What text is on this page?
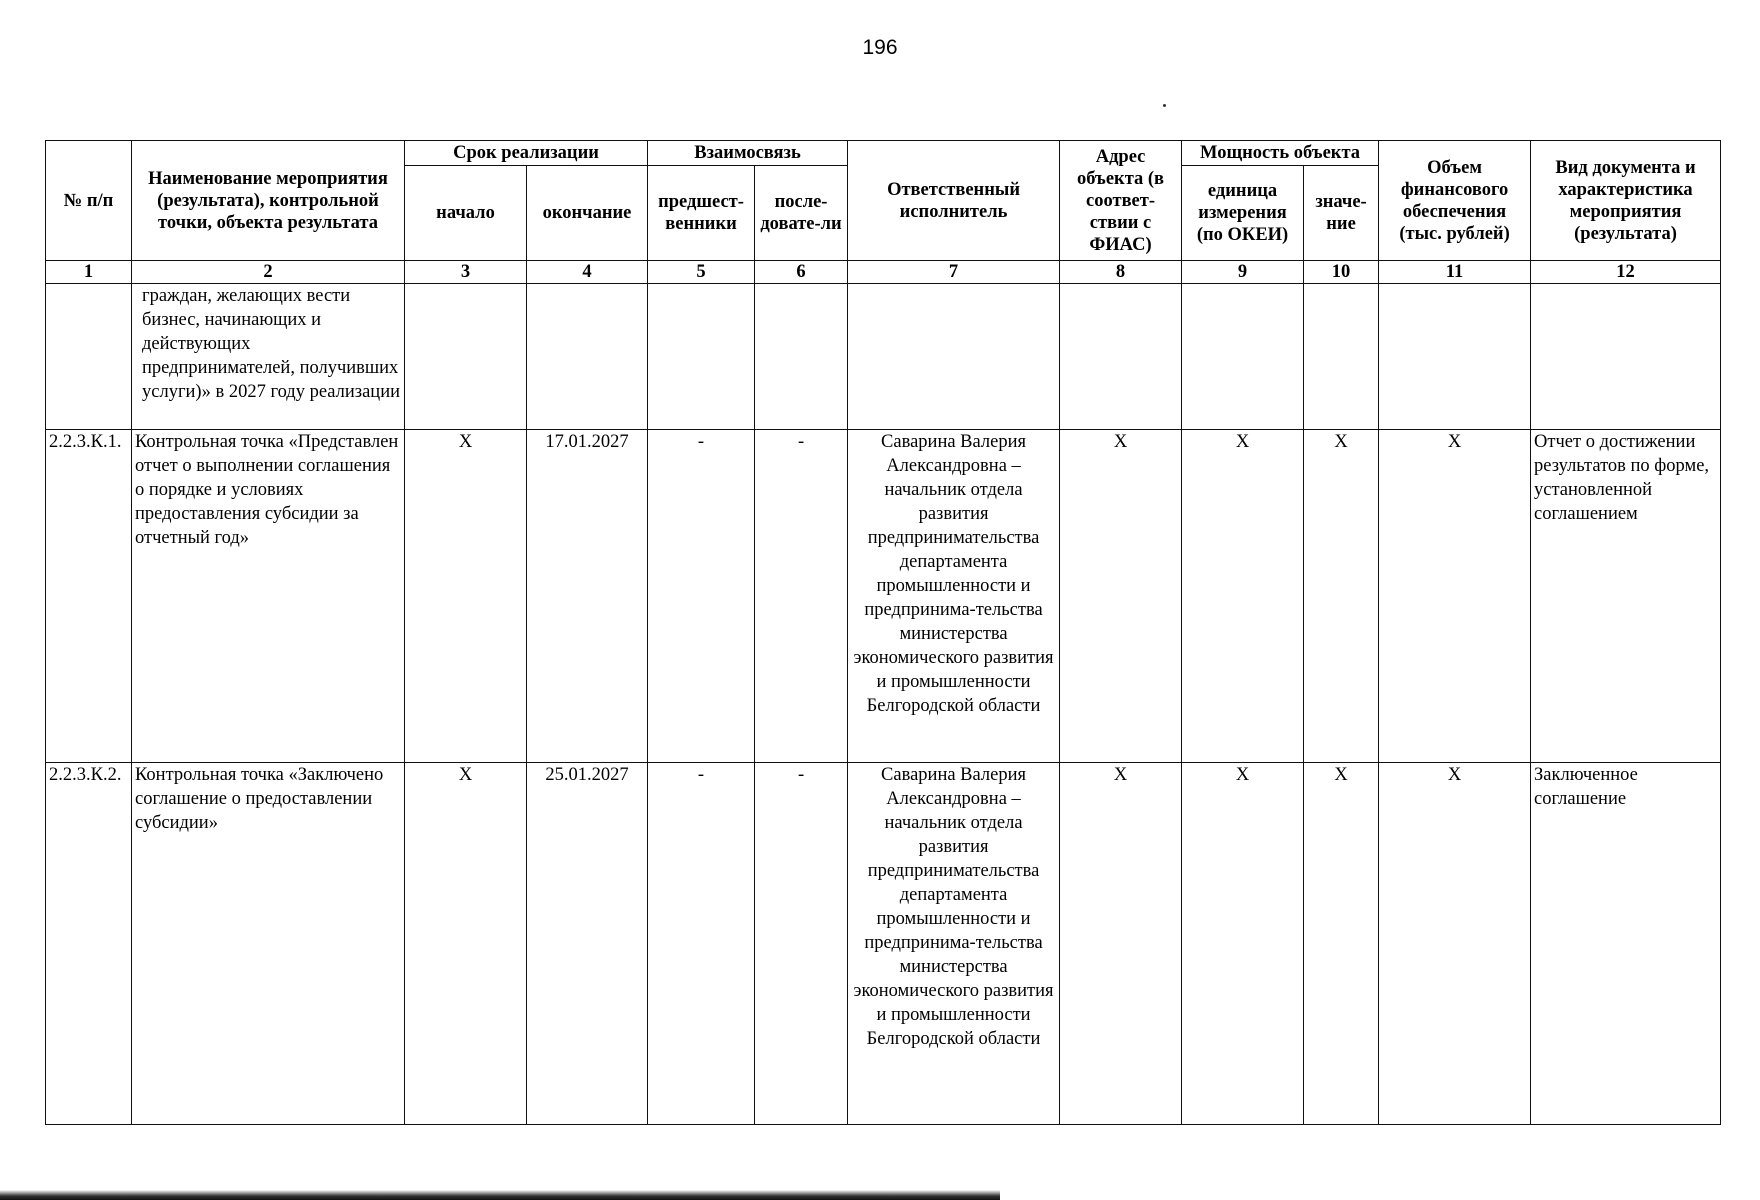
196
№ п/п	Наименование мероприятия (результата), контрольной точки, объекта результата	Срок реализации		Взаимосвязь		Ответственный исполнитель	Адрес объекта (в соответ-ствии с ФИАС)	Мощность объекта		Объем финансового обеспечения (тыс. рублей)	Вид документа и характеристика мероприятия (результата)
		начало	окончание	предшест-венники	после-довате-ли			единица измерения (по ОКЕИ)	значе-ние		
1	2	3	4	5	6	7	8	9	10	11	12
	граждан, желающих вести бизнес, начинающих и действующих предпринимателей, получивших услуги)» в 2027 году реализации										
2.2.3.К.1.	Контрольная точка «Представлен отчет о выполнении соглашения о порядке и условиях предоставления субсидии за отчетный год»	X	17.01.2027	-	-	Саварина Валерия Александровна – начальник отдела развития предпринимательства департамента промышленности и предпринима-тельства министерства экономического развития и промышленности Белгородской области	X	X	X	X	Отчет о достижении результатов по форме, установленной соглашением
2.2.3.К.2.	Контрольная точка «Заключено соглашение о предоставлении субсидии»	X	25.01.2027	-	-	Саварина Валерия Александровна – начальник отдела развития предпринимательства департамента промышленности и предпринима-тельства министерства экономического развития и промышленности Белгородской области	X	X	X	X	Заключенное соглашение
